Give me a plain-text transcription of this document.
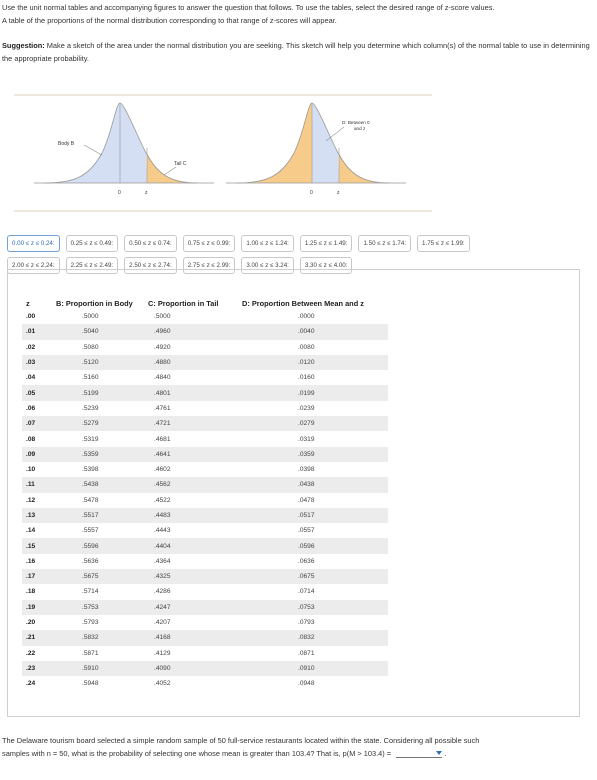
Use the unit normal tables and accompanying figures to answer the question that follows. To use the tables, select the desired range of z-score values.

A table of the proportions of the normal distribution corresponding to that range of z-scores will appear.

Suggestion: Make a sketch of the area under the normal distribution you are seeking. This sketch will help you determine which column(s) of the normal table to use in determining the appropriate probability.
Body B
Tail C
0	z
D: Between 0
and z
0	z
0.00 ≤ z ≤ 0.24:	0.25 ≤ z ≤ 0.49:	0.50 ≤ z ≤ 0.74:	0.75 ≤ z ≤ 0.99:	1.00 ≤ z ≤ 1.24:	1.25 ≤ z ≤ 1.49:	1.50 ≤ z ≤ 1.74:	1.75 ≤ z ≤ 1.99:
2.00 ≤ z ≤ 2.24:	2.25 ≤ z ≤ 2.49:	2.50 ≤ z ≤ 2.74:	2.75 ≤ z ≤ 2.99:	3.00 ≤ z ≤ 3.24:	3.30 ≤ z ≤ 4.00:
z	B: Proportion in Body	C: Proportion in Tail	D: Proportion Between Mean and z
.00	.5000	.5000	.0000
.01	.5040	.4960	.0040
.02	.5080	.4920	.0080
.03	.5120	.4880	.0120
.04	.5160	.4840	.0160
.05	.5199	.4801	.0199
.06	.5239	.4761	.0239
.07	.5279	.4721	.0279
.08	.5319	.4681	.0319
.09	.5359	.4641	.0359
.10	.5398	.4602	.0398
.11	.5438	.4562	.0438
.12	.5478	.4522	.0478
.13	.5517	.4483	.0517
.14	.5557	.4443	.0557
.15	.5596	.4404	.0596
.16	.5636	.4364	.0636
.17	.5675	.4325	.0675
.18	.5714	.4286	.0714
.19	.5753	.4247	.0753
.20	.5793	.4207	.0793
.21	.5832	.4168	.0832
.22	.5871	.4129	.0871
.23	.5910	.4090	.0910
.24	.5948	.4052	.0948
The Delaware tourism board selected a simple random sample of 50 full-service restaurants located within the state. Considering all possible such
samples with n = 50, what is the probability of selecting one whose mean is greater than 103.4? That is, p(M > 103.4) =	.
